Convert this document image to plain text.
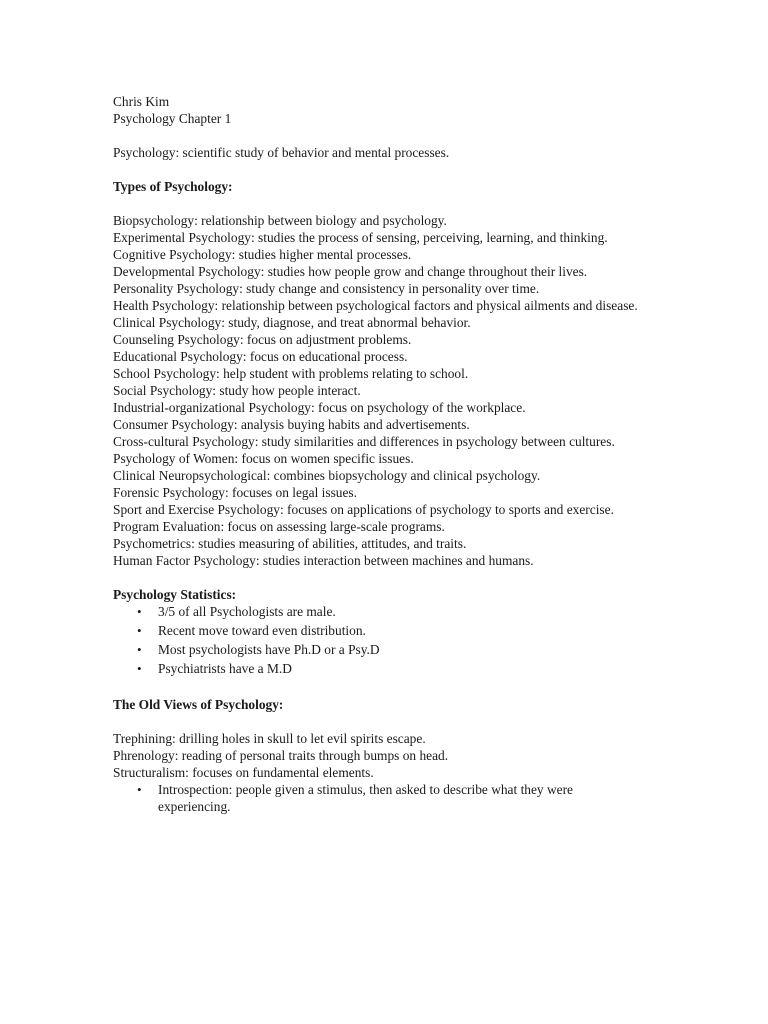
Chris Kim

Psychology Chapter 1

Psychology: scientific study of behavior and mental processes.

Types of Psychology:

Biopsychology: relationship between biology and psychology.

Experimental Psychology: studies the process of sensing, perceiving, learning, and thinking.

Cognitive Psychology: studies higher mental processes.

Developmental Psychology: studies how people grow and change throughout their lives.

Personality Psychology: study change and consistency in personality over time.

Health Psychology: relationship between psychological factors and physical ailments and disease.

Clinical Psychology: study, diagnose, and treat abnormal behavior.

Counseling Psychology: focus on adjustment problems.

Educational Psychology: focus on educational process.

School Psychology: help student with problems relating to school.

Social Psychology: study how people interact.

Industrial-organizational Psychology: focus on psychology of the workplace.

Consumer Psychology: analysis buying habits and advertisements.

Cross-cultural Psychology: study similarities and differences in psychology between cultures.

Psychology of Women: focus on women specific issues.

Clinical Neuropsychological: combines biopsychology and clinical psychology.

Forensic Psychology: focuses on legal issues.

Sport and Exercise Psychology: focuses on applications of psychology to sports and exercise.

Program Evaluation: focus on assessing large-scale programs.

Psychometrics: studies measuring of abilities, attitudes, and traits.

Human Factor Psychology: studies interaction between machines and humans.

Psychology Statistics:

• 3/5 of all Psychologists are male.
• Recent move toward even distribution.
• Most psychologists have Ph.D or a Psy.D
• Psychiatrists have a M.D

The Old Views of Psychology:

Trephining: drilling holes in skull to let evil spirits escape.

Phrenology: reading of personal traits through bumps on head.

Structuralism: focuses on fundamental elements.

• Introspection: people given a stimulus, then asked to describe what they were experiencing.
